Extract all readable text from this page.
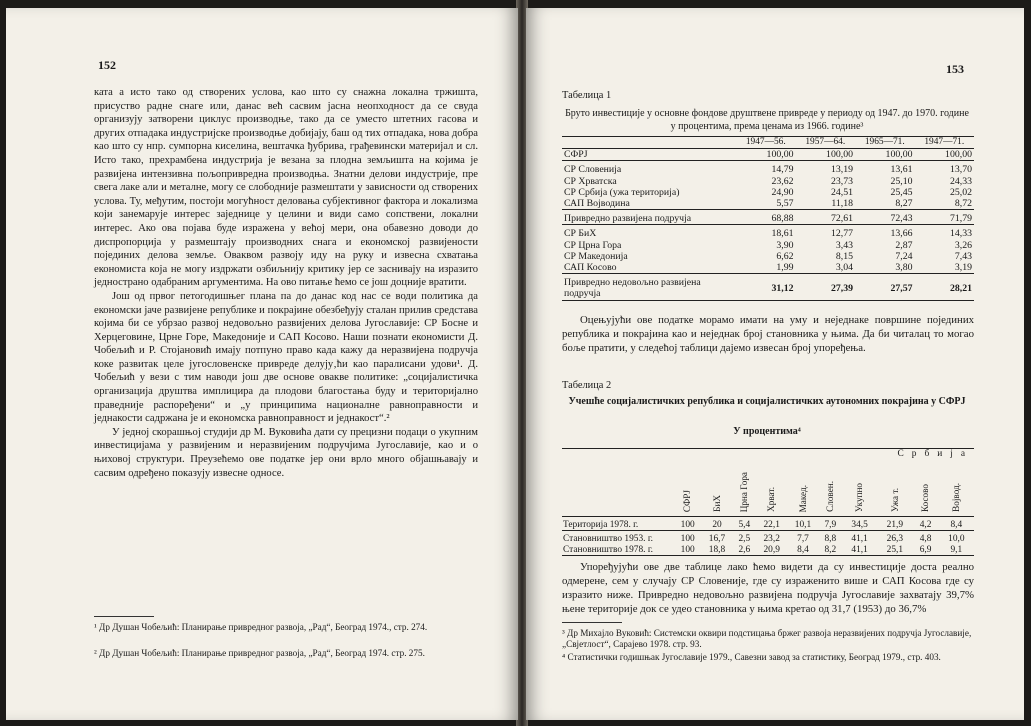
152

ката а исто тако од створених услова, као што су снажна локална тржишта, присуство радне снаге или, данас већ сасвим јасна неопходност да се свуда организују затворени циклус производње, тако да се уместо штетних гасова и других отпадака индустријске производње добијају, баш од тих отпадака, нова добра као што су нпр. сумпорна киселина, вештачка ђубрива, грађевински материјал и сл. Исто тако, прехрамбена индустрија је везана за плодна земљишта на којима је развијена интензивна пољопривредна производња. Знатни делови индустрије, пре свега лаке али и металне, могу се слободније размештати у зависности од створених услова. Ту, међутим, постоји могућност деловања субјективног фактора и локализма који занемарује интерес заједнице у целини и види само сопствени, локални интерес. Ако ова појава буде изражена у већој мери, она обавезно доводи до диспропорција у размештају производних снага и економској развијености појединих делова земље. Оваквом развоју иду на руку и извесна схватања економиста која не могу издржати озбиљнију критику јер се заснивају на изразито једнострано одабраним аргументима. На ово питање ћемо се још доцније вратити.

Још од првог петогодишњег плана па до данас код нас се води политика да економски јаче развијене републике и покрајине обезбеђују сталан прилив средстава којима би се убрзао развој недовољно развијених делова Југославије: СР Босне и Херцеговине, Црне Горе, Македоније и САП Косово. Наши познати економисти Д. Чобељић и Р. Стојановић имају потпуно право када кажу да неразвијена подручја коке развитак целе југословенске привреде делују‚ћи као паралисани удови¹. Д. Чобељић у вези с тим наводи још две основе овакве политике: „социјалистичка организација друштва имплицира да плодови благостања буду и територијално праведније распоређени“ и „у принципима националне равноправности и једнакости садржана је и економска равноправност и једнакост“.²

У једној скорашњој студији др М. Вуковића дати су прецизни подаци о укупним инвестицијама у развијеним и неразвијеним подручјима Југославије, као и о њиховој структури. Преузећемо ове податке јер они врло много објашњавају и сасвим одређено показују извесне односе.

¹ Др Душан Чобељић: Планирање привредног развоја, „Рад“, Београд 1974., стр. 274.
² Др Душан Чобељић: Планирање привредног развоја, „Рад“, Београд 1974. стр. 275.
153
Табелица 1
Бруто инвестиције у основне фондове друштвене привреде у периоду од 1947. до 1970. године у процентима, према ценама из 1966. године³
	1947—56.	1957—64.	1965—71.	1947—71.
СФРЈ	100,00	100,00	100,00	100,00
СР Словенија	14,79	13,19	13,61	13,70
СР Хрватска	23,62	23,73	25,10	24,33
СР Србија (ужа територија)	24,90	24,51	25,45	25,02
САП Војводина	5,57	11,18	8,27	8,72
Привредно развијена подручја	68,88	72,61	72,43	71,79
СР БиХ	18,61	12,77	13,66	14,33
СР Црна Гора	3,90	3,43	2,87	3,26
СР Македонија	6,62	8,15	7,24	7,43
САП Косово	1,99	3,04	3,80	3,19
Привредно недовољно развијена подручја	31,12	27,39	27,57	28,21

Оцењујући ове податке морамо имати на уму и неједнаке површине појединих република и покрајина као и неједнак број становника у њима. Да би читалац то могао боље пратити, у следећој таблици дајемо извесан број упоређења.

Табелица 2
Учешће социјалистичких република и социјалистичких аутономних покрајина у СФРЈ
У процентима⁴
							Србија			
	СФРЈ	БиХ	Црна Гора	Хрват.	Макед.	Словен.	Укупно	Ужа т.	Косово	Војвод.
Територија 1978. г.	100	20	5,4	22,1	10,1	7,9	34,5	21,9	4,2	8,4
Становништво 1953. г.	100	16,7	2,5	23,2	7,7	8,8	41,1	26,3	4,8	10,0
Становништво 1978. г.	100	18,8	2,6	20,9	8,4	8,2	41,1	25,1	6,9	9,1

Упоређујући ове две таблице лако ћемо видети да су инвестиције доста реално одмерене, сем у случају СР Словеније, где су израженито више и САП Косова где су изразито ниже. Привредно недовољно развијена подручја Југославије захватају 39,7% њене територије док се удео становника у њима кретао од 31,7 (1953) до 36,7%

³ Др Михајло Вуковић: Системски оквири подстицања бржег развоја неразвијених подручја Југославије, „Свјетлост“, Сарајево 1978. стр. 93.
⁴ Статистички годишњак Југославије 1979., Савезни завод за статистику, Београд 1979., стр. 403.
